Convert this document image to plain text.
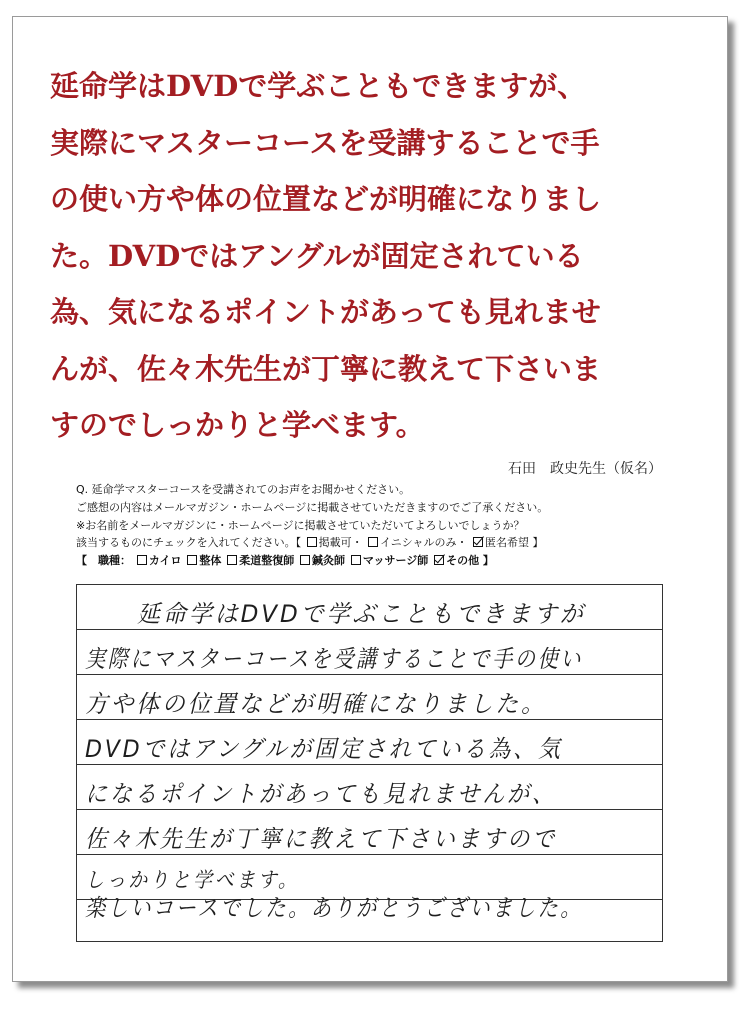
延命学はDVDで学ぶこともできますが、
実際にマスターコースを受講することで手
の使い方や体の位置などが明確になりまし
た。DVDではアングルが固定されている
為、気になるポイントがあっても見れませ
んが、佐々木先生が丁寧に教えて下さいま
すのでしっかりと学べます。
石田　政史先生（仮名）
Q. 延命学マスターコースを受講されてのお声をお聞かせください。
ご感想の内容はメールマガジン・ホームページに掲載させていただきますのでご了承ください。
※お名前をメールマガジンに・ホームページに掲載させていただいてよろしいでしょうか？
該当するものにチェックを入れてください。【 掲載可・ イニシャルのみ・ 匿名希望 】
【　職種： カイロ 整体 柔道整復師 鍼灸師 マッサージ師 その他 】
延命学はDVDで学ぶこともできますが
実際にマスターコースを受講することで手の使い
方や体の位置などが明確になりました。
DVDではアングルが固定されている為、気
になるポイントがあっても見れませんが、
佐々木先生が丁寧に教えて下さいますので
しっかりと学べます。
楽しいコースでした。ありがとうございました。
